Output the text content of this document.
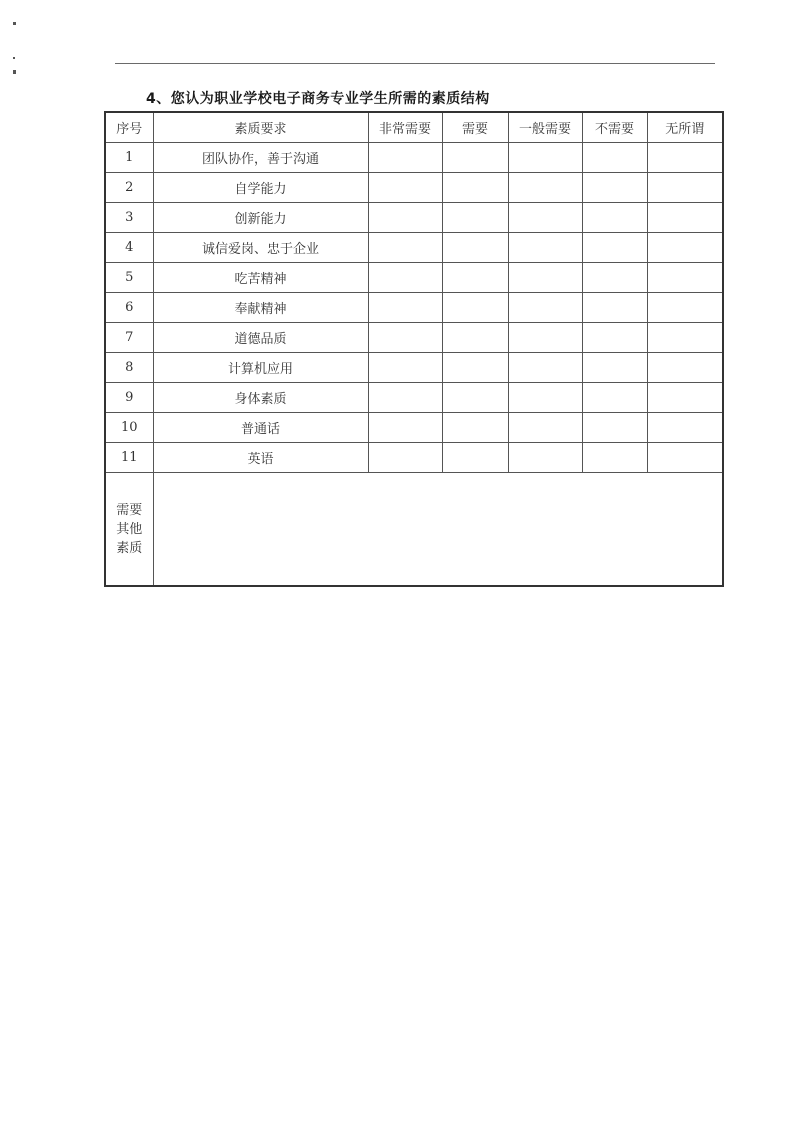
4、您认为职业学校电子商务专业学生所需的素质结构
序号	素质要求	非常需要	需要	一般需要	不需要	无所谓
1	团队协作，善于沟通					
2	自学能力					
3	创新能力					
4	诚信爱岗、忠于企业					
5	吃苦精神					
6	奉献精神					
7	道德品质					
8	计算机应用					
9	身体素质					
10	普通话					
11	英语					
需要
其他
素质						
